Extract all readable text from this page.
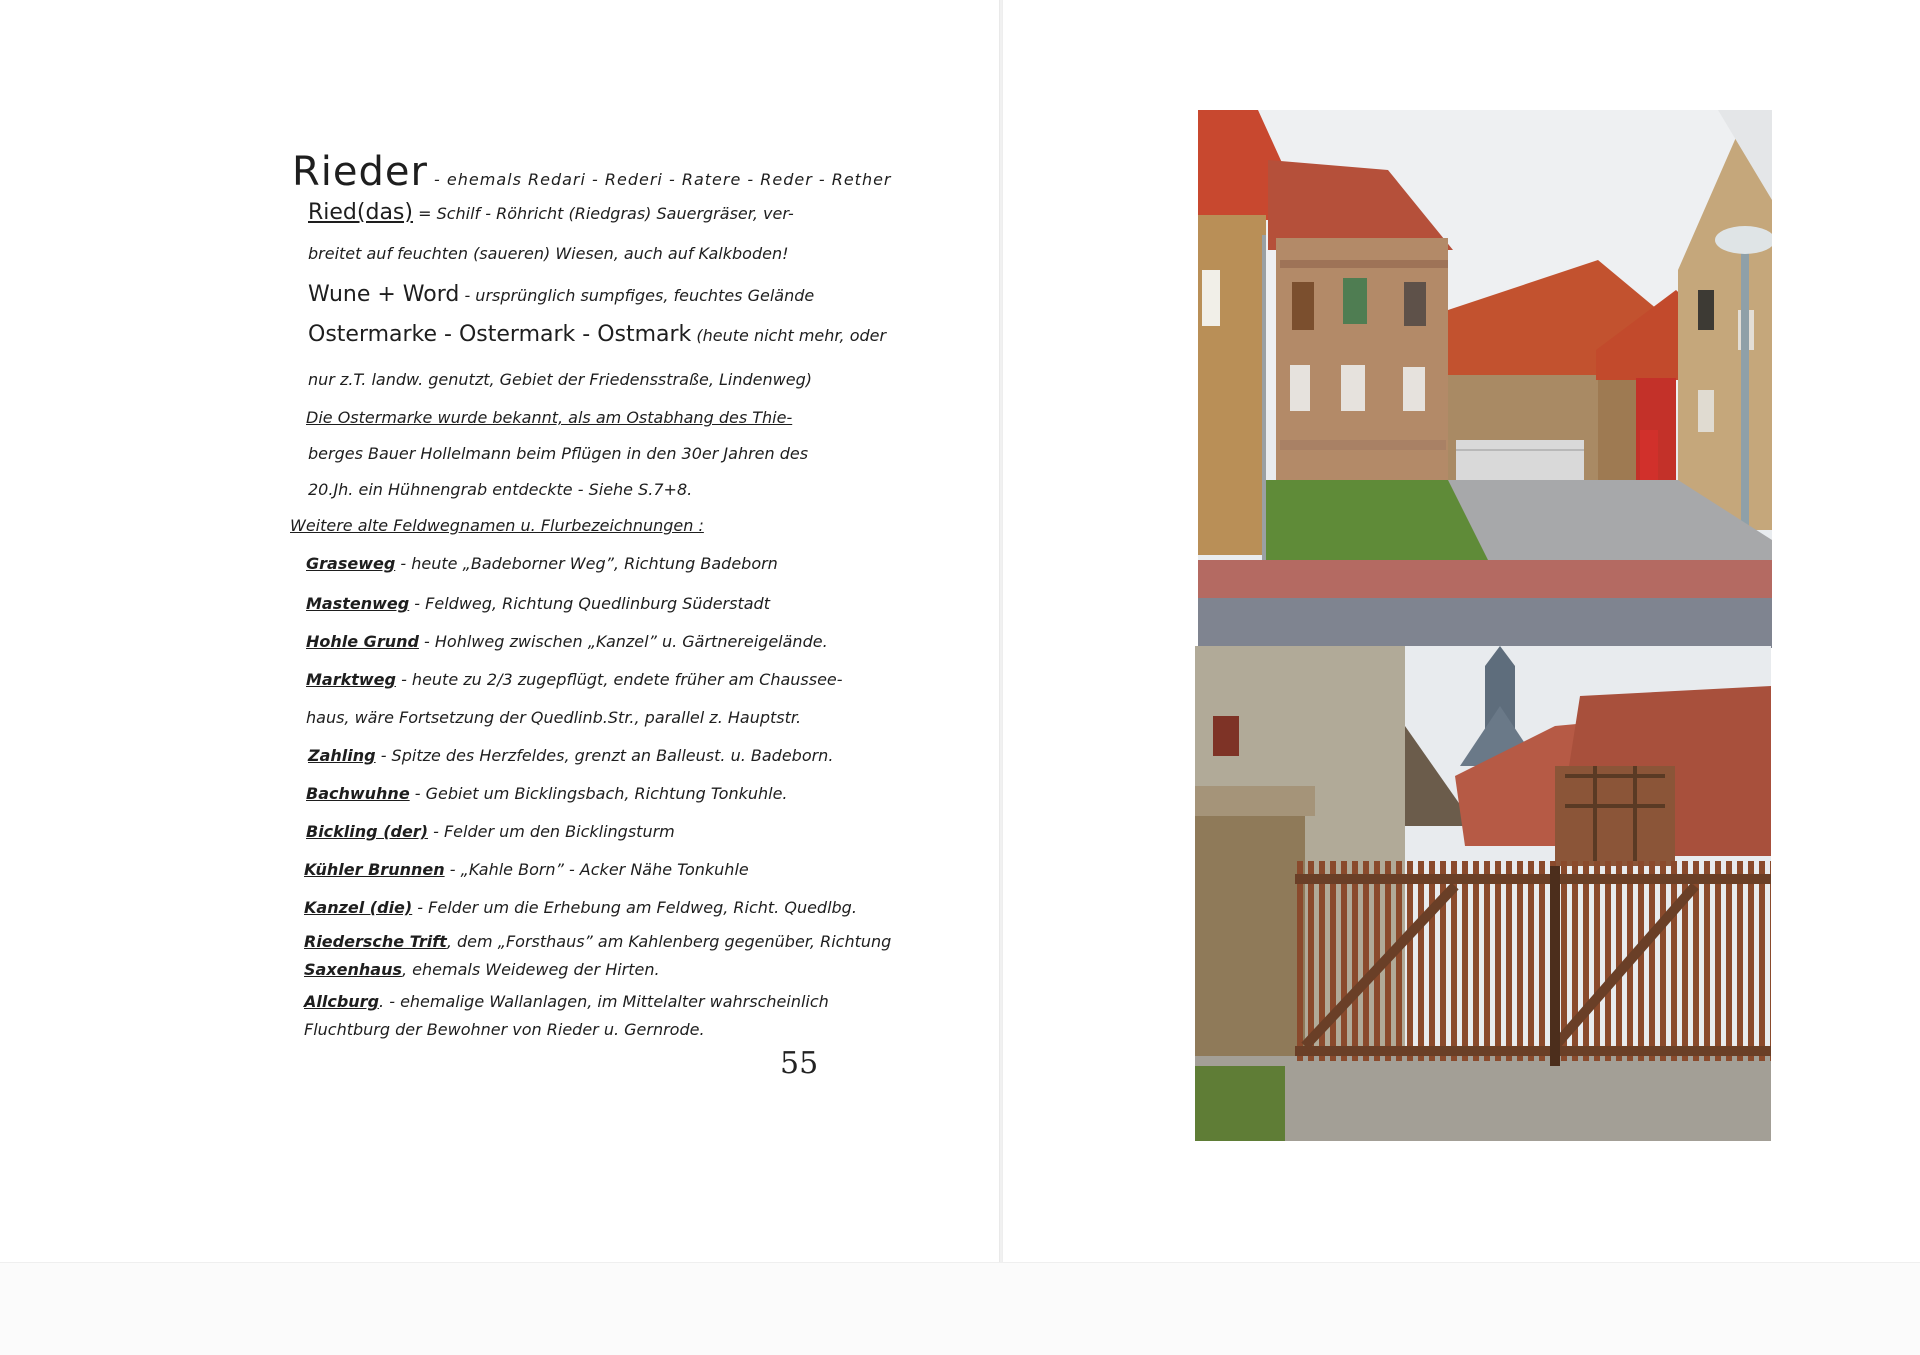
Rieder - ehemals Redari - Rederi - Ratere - Reder - Rether
Ried(das) = Schilf - Röhricht (Riedgras) Sauergräser, ver-
breitet auf feuchten (saueren) Wiesen, auch auf Kalkboden!
Wune + Word - ursprünglich sumpfiges, feuchtes Gelände
Ostermarke - Ostermark - Ostmark (heute nicht mehr, oder
nur z.T. landw. genutzt, Gebiet der Friedensstraße, Lindenweg)
Die Ostermarke wurde bekannt, als am Ostabhang des Thie-
berges Bauer Hollelmann beim Pflügen in den 30er Jahren des
20.Jh. ein Hühnengrab entdeckte - Siehe S.7+8.
Weitere alte Feldwegnamen u. Flurbezeichnungen :
Graseweg - heute „Badeborner Weg”, Richtung Badeborn
Mastenweg - Feldweg, Richtung Quedlinburg Süderstadt
Hohle Grund - Hohlweg zwischen „Kanzel” u. Gärtnereigelände.
Marktweg - heute zu 2/3 zugepflügt, endete früher am Chaussee-
haus, wäre Fortsetzung der Quedlinb.Str., parallel z. Hauptstr.
Zahling - Spitze des Herzfeldes, grenzt an Balleust. u. Badeborn.
Bachwuhne - Gebiet um Bicklingsbach, Richtung Tonkuhle.
Bickling (der) - Felder um den Bicklingsturm
Kühler Brunnen - „Kahle Born” - Acker Nähe Tonkuhle
Kanzel (die) - Felder um die Erhebung am Feldweg, Richt. Quedlbg.
Riedersche Trift, dem „Forsthaus” am Kahlenberg gegenüber, Richtung
Saxenhaus, ehemals Weideweg der Hirten.
Allcburg. - ehemalige Wallanlagen, im Mittelalter wahrscheinlich
Fluchtburg der Bewohner von Rieder u. Gernrode.
55
